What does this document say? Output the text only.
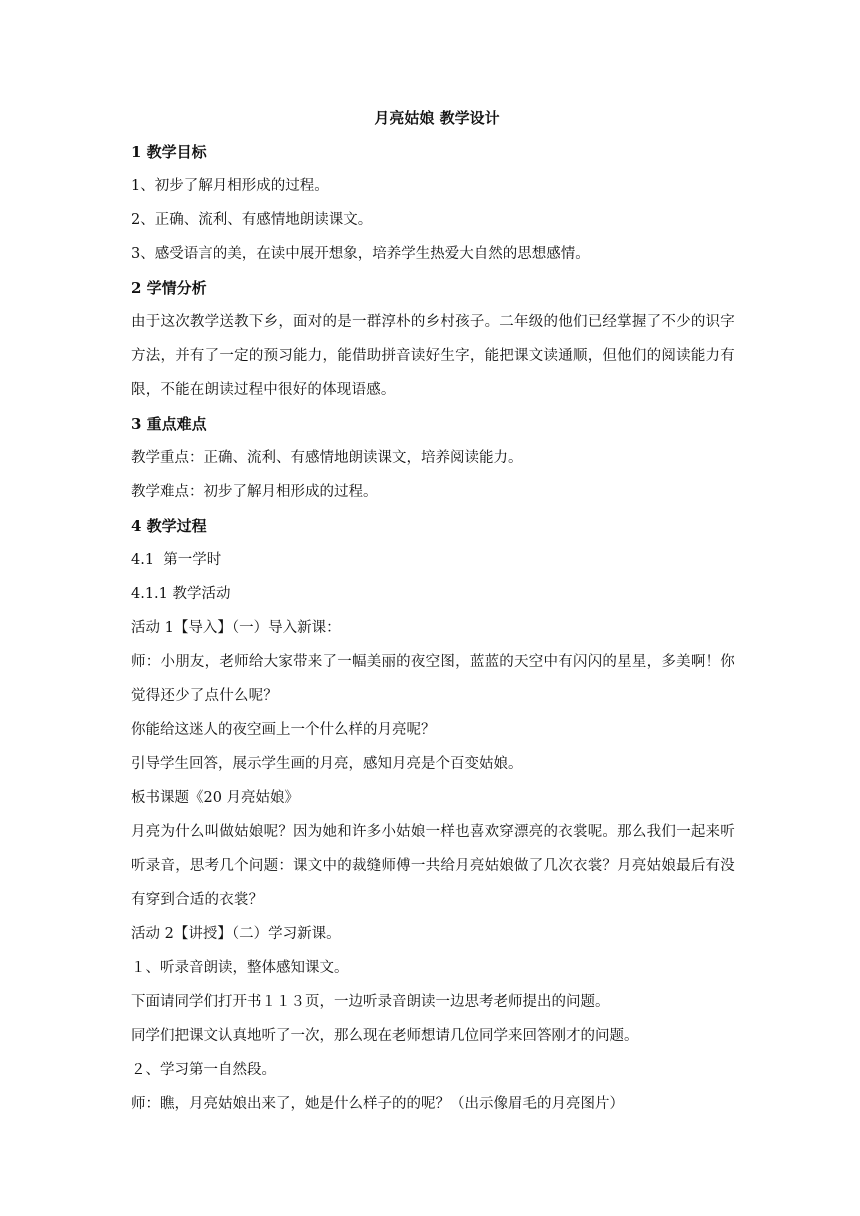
月亮姑娘 教学设计
1 教学目标
1、初步了解月相形成的过程。
2、正确、流利、有感情地朗读课文。
3、感受语言的美，在读中展开想象，培养学生热爱大自然的思想感情。
2 学情分析
由于这次教学送教下乡，面对的是一群淳朴的乡村孩子。二年级的他们已经掌握了不少的识字方法，并有了一定的预习能力，能借助拼音读好生字，能把课文读通顺，但他们的阅读能力有限，不能在朗读过程中很好的体现语感。
3 重点难点
教学重点：正确、流利、有感情地朗读课文，培养阅读能力。
教学难点：初步了解月相形成的过程。
4 教学过程
4.1  第一学时
4.1.1 教学活动
活动 1【导入】（一）导入新课：
师：小朋友，老师给大家带来了一幅美丽的夜空图，蓝蓝的天空中有闪闪的星星，多美啊！你觉得还少了点什么呢？
你能给这迷人的夜空画上一个什么样的月亮呢？
引导学生回答，展示学生画的月亮，感知月亮是个百变姑娘。
板书课题《20 月亮姑娘》
月亮为什么叫做姑娘呢？因为她和许多小姑娘一样也喜欢穿漂亮的衣裳呢。那么我们一起来听听录音，思考几个问题：课文中的裁缝师傅一共给月亮姑娘做了几次衣裳？月亮姑娘最后有没有穿到合适的衣裳？
活动 2【讲授】（二）学习新课。
１、听录音朗读，整体感知课文。
下面请同学们打开书１１３页，一边听录音朗读一边思考老师提出的问题。
同学们把课文认真地听了一次，那么现在老师想请几位同学来回答刚才的问题。
２、学习第一自然段。
师：瞧，月亮姑娘出来了，她是什么样子的的呢？（出示像眉毛的月亮图片）
